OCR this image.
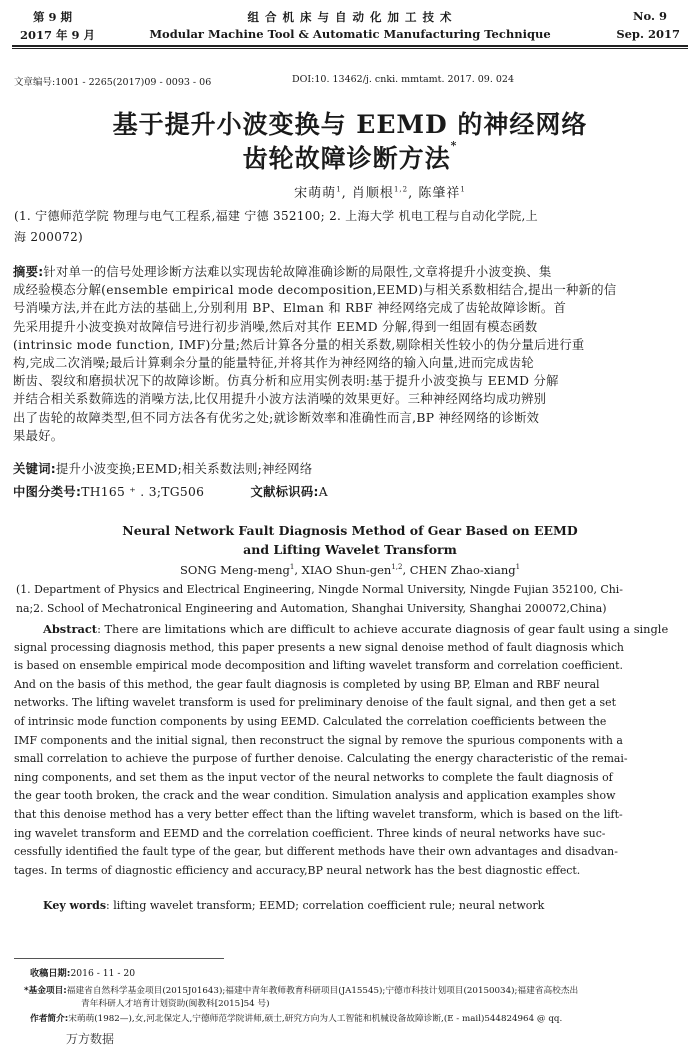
第 9 期
2017 年 9 月
组 合 机 床 与 自 动 化 加 工 技 术
Modular Machine Tool & Automatic Manufacturing Technique
No. 9
Sep. 2017
文章编号:1001 - 2265(2017)09 - 0093 - 06	DOI:10. 13462/j. cnki. mmtamt. 2017. 09. 024
基于提升小波变换与 EEMD 的神经网络
齿轮故障诊断方法*
宋萌萌$^1$, 肖顺根$^{1,2}$, 陈肇祥$^1$
(1. 宁德师范学院 物理与电气工程系,福建 宁德 352100; 2. 上海大学 机电工程与自动化学院,上
海 200072)
摘要:针对单一的信号处理诊断方法难以实现齿轮故障准确诊断的局限性,文章将提升小波变换、集
成经验模态分解(ensemble empirical mode decomposition,EEMD)与相关系数相结合,提出一种新的信
号消噪方法,并在此方法的基础上,分别利用 BP、Elman 和 RBF 神经网络完成了齿轮故障诊断。首
先采用提升小波变换对故障信号进行初步消噪,然后对其作 EEMD 分解,得到一组固有模态函数
(intrinsic mode function, IMF)分量;然后计算各分量的相关系数,剔除相关性较小的伪分量后进行重
构,完成二次消噪;最后计算剩余分量的能量特征,并将其作为神经网络的输入向量,进而完成齿轮
断齿、裂纹和磨损状况下的故障诊断。仿真分析和应用实例表明:基于提升小波变换与 EEMD 分解
并结合相关系数筛选的消噪方法,比仅用提升小波方法消噪的效果更好。三种神经网络均成功辨别
出了齿轮的故障类型,但不同方法各有优劣之处;就诊断效率和准确性而言,BP 神经网络的诊断效
果最好。
关键词:提升小波变换;EEMD;相关系数法则;神经网络
中图分类号:TH165 ⁺ . 3;TG506	文献标识码:A
Neural Network Fault Diagnosis Method of Gear Based on EEMD
and Lifting Wavelet Transform
SONG Meng-meng$^1$, XIAO Shun-gen$^{1,2}$, CHEN Zhao-xiang$^1$
(1. Department of Physics and Electrical Engineering, Ningde Normal University, Ningde Fujian 352100, Chi-
na;2. School of Mechatronical Engineering and Automation, Shanghai University, Shanghai 200072,China)
Abstract: There are limitations which are difficult to achieve accurate diagnosis of gear fault using a single
signal processing diagnosis method, this paper presents a new signal denoise method of fault diagnosis which
is based on ensemble empirical mode decomposition and lifting wavelet transform and correlation coefficient.
And on the basis of this method, the gear fault diagnosis is completed by using BP, Elman and RBF neural
networks. The lifting wavelet transform is used for preliminary denoise of the fault signal, and then get a set
of intrinsic mode function components by using EEMD. Calculated the correlation coefficients between the
IMF components and the initial signal, then reconstruct the signal by remove the spurious components with a
small correlation to achieve the purpose of further denoise. Calculating the energy characteristic of the remai-
ning components, and set them as the input vector of the neural networks to complete the fault diagnosis of
the gear tooth broken, the crack and the wear condition. Simulation analysis and application examples show
that this denoise method has a very better effect than the lifting wavelet transform, which is based on the lift-
ing wavelet transform and EEMD and the correlation coefficient. Three kinds of neural networks have suc-
cessfully identified the fault type of the gear, but different methods have their own advantages and disadvan-
tages. In terms of diagnostic efficiency and accuracy,BP neural network has the best diagnostic effect.
Key words: lifting wavelet transform; EEMD; correlation coefficient rule; neural network
收稿日期:2016 - 11 - 20
*基金项目:福建省自然科学基金项目(2015J01643);福建中青年教师教育科研项目(JA15545);宁德市科技计划项目(20150034);福建省高校杰出
青年科研人才培育计划资助(闽教科[2015]54 号)
作者简介:宋萌萌(1982—),女,河北保定人,宁德师范学院讲师,硕士,研究方向为人工智能和机械设备故障诊断,(E - mail)544824964 @ qq.
万方数据
